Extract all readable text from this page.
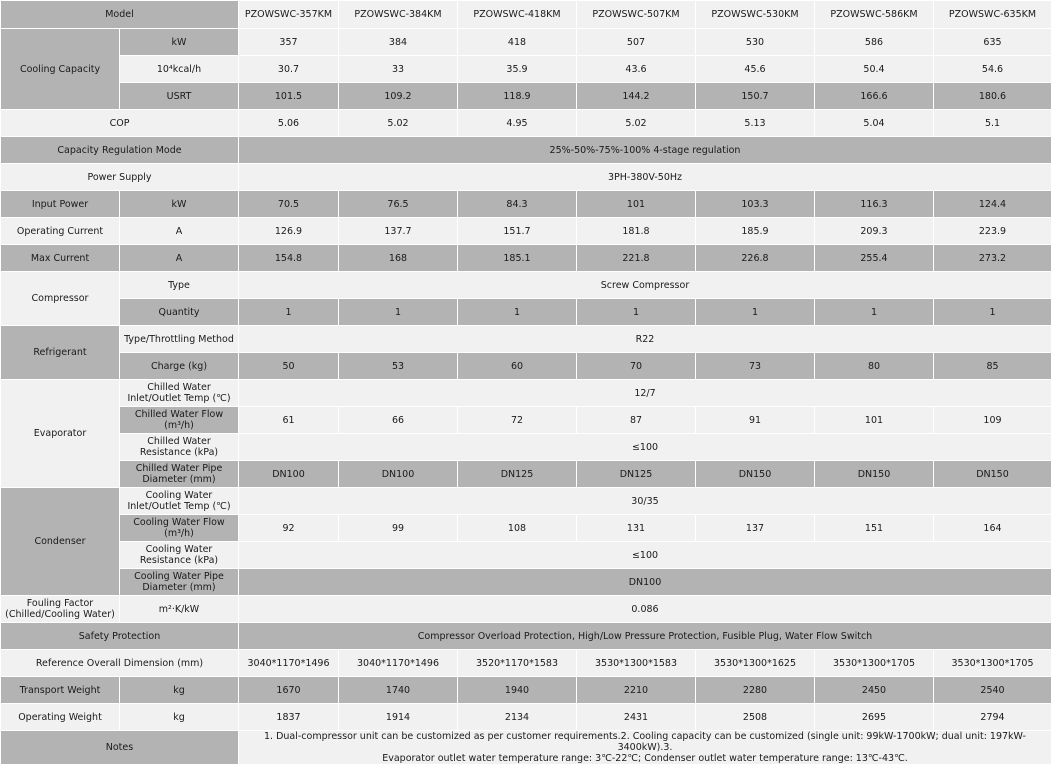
Model		PZOWSWC-357KM	PZOWSWC-384KM	PZOWSWC-418KM	PZOWSWC-507KM	PZOWSWC-530KM	PZOWSWC-586KM	PZOWSWC-635KM
Cooling Capacity	kW	357	384	418	507	530	586	635
	10⁴kcal/h	30.7	33	35.9	43.6	45.6	50.4	54.6
	USRT	101.5	109.2	118.9	144.2	150.7	166.6	180.6
COP		5.06	5.02	4.95	5.02	5.13	5.04	5.1
Capacity Regulation Mode		25%-50%-75%-100% 4-stage regulation						
Power Supply		3PH-380V-50Hz						
Input Power	kW	70.5	76.5	84.3	101	103.3	116.3	124.4
Operating Current	A	126.9	137.7	151.7	181.8	185.9	209.3	223.9
Max Current	A	154.8	168	185.1	221.8	226.8	255.4	273.2
Compressor	Type	Screw Compressor						
	Quantity	1	1	1	1	1	1	1
Refrigerant	Type/Throttling Method	R22						
	Charge (kg)	50	53	60	70	73	80	85
Evaporator	Chilled Water Inlet/Outlet Temp (℃)	12/7						
	Chilled Water Flow (m³/h)	61	66	72	87	91	101	109
	Chilled Water Resistance (kPa)	≤100						
	Chilled Water Pipe Diameter (mm)	DN100	DN100	DN125	DN125	DN150	DN150	DN150
Condenser	Cooling Water Inlet/Outlet Temp (℃)	30/35						
	Cooling Water Flow (m³/h)	92	99	108	131	137	151	164
	Cooling Water Resistance (kPa)	≤100						
	Cooling Water Pipe Diameter (mm)	DN100						
Fouling Factor (Chilled/Cooling Water)	m²·K/kW	0.086						
Safety Protection		Compressor Overload Protection, High/Low Pressure Protection, Fusible Plug, Water Flow Switch						
Reference Overall Dimension (mm)		3040*1170*1496	3040*1170*1496	3520*1170*1583	3530*1300*1583	3530*1300*1625	3530*1300*1705	3530*1300*1705
Transport Weight	kg	1670	1740	1940	2210	2280	2450	2540
Operating Weight	kg	1837	1914	2134	2431	2508	2695	2794
Notes		1. Dual-compressor unit can be customized as per customer requirements.2. Cooling capacity can be customized (single unit: 99kW-1700kW; dual unit: 197kW-3400kW).3.
Evaporator outlet water temperature range: 3℃-22℃; Condenser outlet water temperature range: 13℃-43℃.						
